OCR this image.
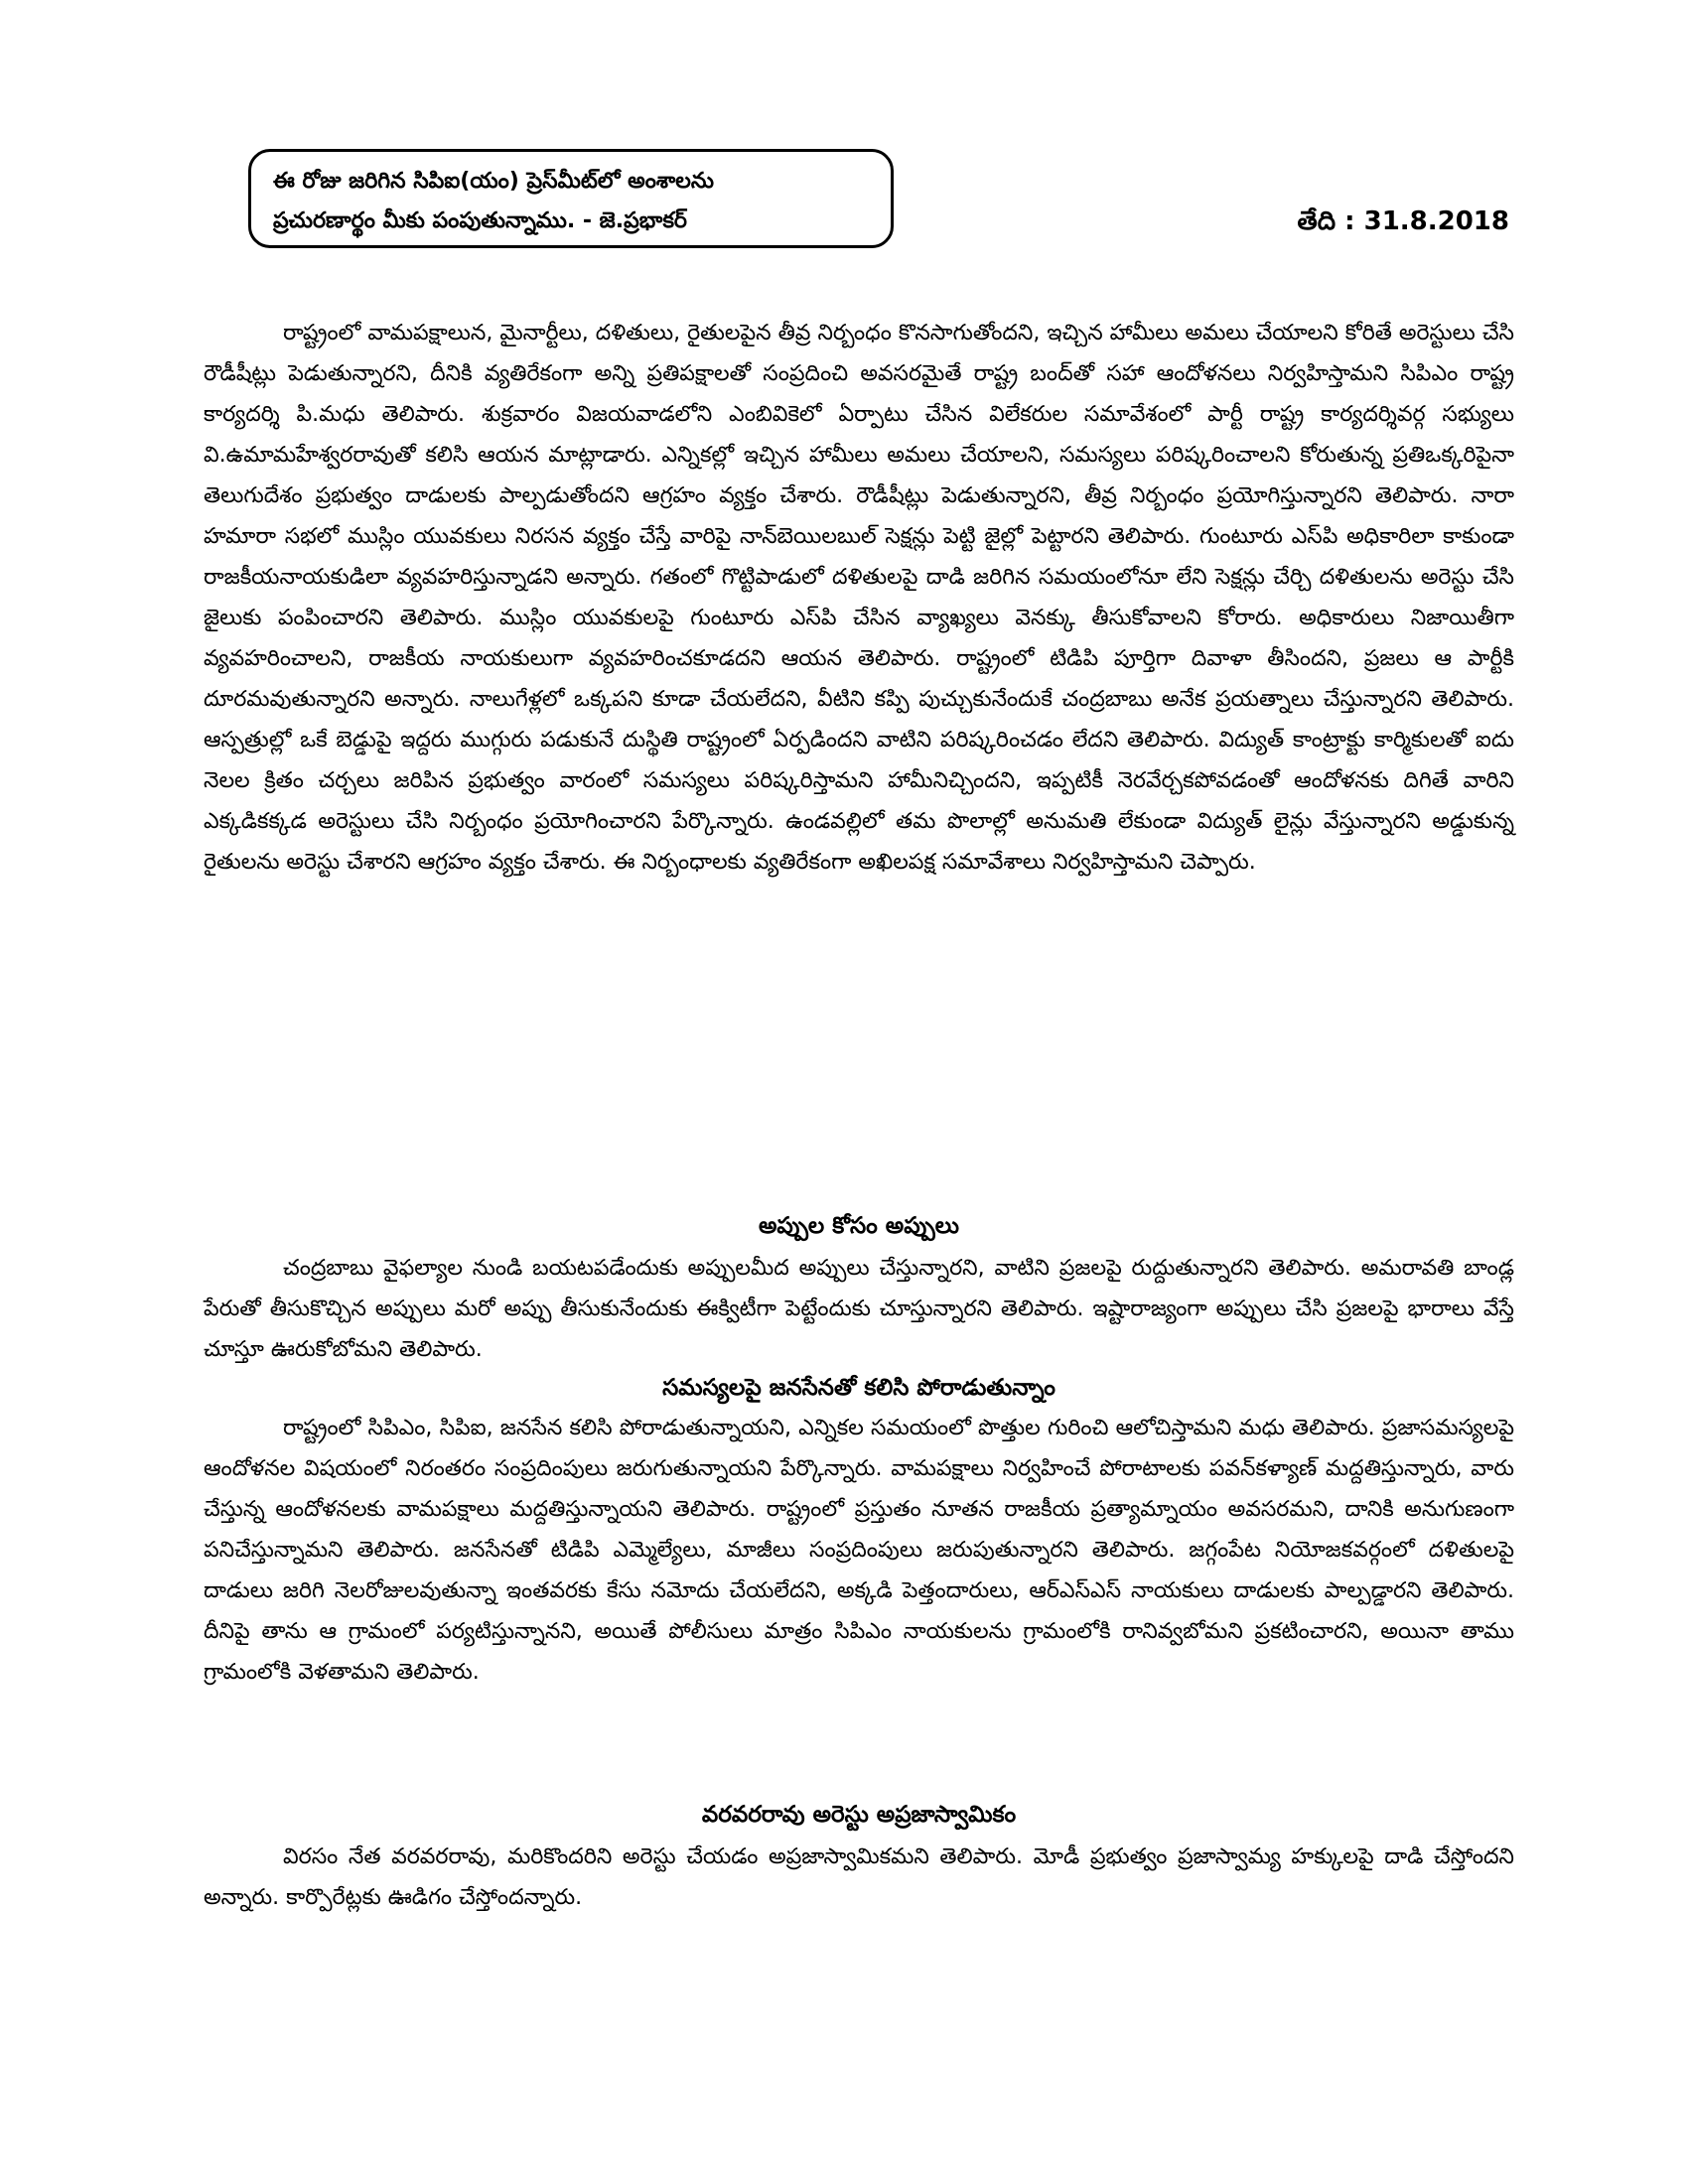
ఈ రోజు జరిగిన సిపిఐ(యం) ప్రెస్‌మీట్‌లో అంశాలను
ప్రచురణార్థం మీకు పంపుతున్నాము. - జె.ప్రభాకర్	తేది : 31.8.2018

రాష్ట్రంలో వామపక్షాలున, మైనార్టీలు, దళితులు, రైతులపైన తీవ్ర నిర్బంధం కొనసాగుతోందని, ఇచ్చిన హామీలు అమలు చేయాలని కోరితే అరెస్టులు చేసి రౌడీషీట్లు పెడుతున్నారని, దీనికి వ్యతిరేకంగా అన్ని ప్రతిపక్షాలతో సంప్రదించి అవసరమైతే రాష్ట్ర బంద్‌తో సహా ఆందోళనలు నిర్వహిస్తామని సిపిఎం రాష్ట్ర కార్యదర్శి పి.మధు తెలిపారు. శుక్రవారం విజయవాడలోని ఎంబివికెలో ఏర్పాటు చేసిన విలేకరుల సమావేశంలో పార్టీ రాష్ట్ర కార్యదర్శివర్గ సభ్యులు వి.ఉమామహేశ్వరరావుతో కలిసి ఆయన మాట్లాడారు. ఎన్నికల్లో ఇచ్చిన హామీలు అమలు చేయాలని, సమస్యలు పరిష్కరించాలని కోరుతున్న ప్రతిఒక్కరిపైనా తెలుగుదేశం ప్రభుత్వం దాడులకు పాల్పడుతోందని ఆగ్రహం వ్యక్తం చేశారు. రౌడీషీట్లు పెడుతున్నారని, తీవ్ర నిర్బంధం ప్రయోగిస్తున్నారని తెలిపారు. నారా హమారా సభలో ముస్లిం యువకులు నిరసన వ్యక్తం చేస్తే వారిపై నాన్‌బెయిలబుల్ సెక్షన్లు పెట్టి జైల్లో పెట్టారని తెలిపారు. గుంటూరు ఎస్‌పి అధికారిలా కాకుండా రాజకీయనాయకుడిలా వ్యవహరిస్తున్నాడని అన్నారు. గతంలో గొట్టిపాడులో దళితులపై దాడి జరిగిన సమయంలోనూ లేని సెక్షన్లు చేర్చి దళితులను అరెస్టు చేసి జైలుకు పంపించారని తెలిపారు. ముస్లిం యువకులపై గుంటూరు ఎస్‌పి చేసిన వ్యాఖ్యలు వెనక్కు తీసుకోవాలని కోరారు. అధికారులు నిజాయితీగా వ్యవహరించాలని, రాజకీయ నాయకులుగా వ్యవహరించకూడదని ఆయన తెలిపారు. రాష్ట్రంలో టిడిపి పూర్తిగా దివాళా తీసిందని, ప్రజలు ఆ పార్టీకి దూరమవుతున్నారని అన్నారు. నాలుగేళ్లలో ఒక్కపని కూడా చేయలేదని, వీటిని కప్పి పుచ్చుకునేందుకే చంద్రబాబు అనేక ప్రయత్నాలు చేస్తున్నారని తెలిపారు. ఆస్పత్రుల్లో ఒకే బెడ్డుపై ఇద్దరు ముగ్గురు పడుకునే దుస్థితి రాష్ట్రంలో ఏర్పడిందని వాటిని పరిష్కరించడం లేదని తెలిపారు. విద్యుత్ కాంట్రాక్టు కార్మికులతో ఐదు నెలల క్రితం చర్చలు జరిపిన ప్రభుత్వం వారంలో సమస్యలు పరిష్కరిస్తామని హామీనిచ్చిందని, ఇప్పటికీ నెరవేర్చకపోవడంతో ఆందోళనకు దిగితే వారిని ఎక్కడికక్కడ అరెస్టులు చేసి నిర్బంధం ప్రయోగించారని పేర్కొన్నారు. ఉండవల్లిలో తమ పొలాల్లో అనుమతి లేకుండా విద్యుత్ లైన్లు వేస్తున్నారని అడ్డుకున్న రైతులను అరెస్టు చేశారని ఆగ్రహం వ్యక్తం చేశారు. ఈ నిర్బంధాలకు వ్యతిరేకంగా అఖిలపక్ష సమావేశాలు నిర్వహిస్తామని చెప్పారు.

అప్పుల కోసం అప్పులు

చంద్రబాబు వైఫల్యాల నుండి బయటపడేందుకు అప్పులమీద అప్పులు చేస్తున్నారని, వాటిని ప్రజలపై రుద్దుతున్నారని తెలిపారు. అమరావతి బాండ్ల పేరుతో తీసుకొచ్చిన అప్పులు మరో అప్పు తీసుకునేందుకు ఈక్విటీగా పెట్టేందుకు చూస్తున్నారని తెలిపారు. ఇష్టారాజ్యంగా అప్పులు చేసి ప్రజలపై భారాలు వేస్తే చూస్తూ ఊరుకోబోమని తెలిపారు.

సమస్యలపై జనసేనతో కలిసి పోరాడుతున్నాం

రాష్ట్రంలో సిపిఎం, సిపిఐ, జనసేన కలిసి పోరాడుతున్నాయని, ఎన్నికల సమయంలో పొత్తుల గురించి ఆలోచిస్తామని మధు తెలిపారు. ప్రజాసమస్యలపై ఆందోళనల విషయంలో నిరంతరం సంప్రదింపులు జరుగుతున్నాయని పేర్కొన్నారు. వామపక్షాలు నిర్వహించే పోరాటాలకు పవన్‌కళ్యాణ్ మద్దతిస్తున్నారు, వారు చేస్తున్న ఆందోళనలకు వామపక్షాలు మద్దతిస్తున్నాయని తెలిపారు. రాష్ట్రంలో ప్రస్తుతం నూతన రాజకీయ ప్రత్యామ్నాయం అవసరమని, దానికి అనుగుణంగా పనిచేస్తున్నామని తెలిపారు. జనసేనతో టిడిపి ఎమ్మెల్యేలు, మాజీలు సంప్రదింపులు జరుపుతున్నారని తెలిపారు. జగ్గంపేట నియోజకవర్గంలో దళితులపై దాడులు జరిగి నెలరోజులవుతున్నా ఇంతవరకు కేసు నమోదు చేయలేదని, అక్కడి పెత్తందారులు, ఆర్‌ఎస్‌ఎస్ నాయకులు దాడులకు పాల్పడ్డారని తెలిపారు. దీనిపై తాను ఆ గ్రామంలో పర్యటిస్తున్నానని, అయితే పోలీసులు మాత్రం సిపిఎం నాయకులను గ్రామంలోకి రానివ్వబోమని ప్రకటించారని, అయినా తాము గ్రామంలోకి వెళతామని తెలిపారు.

వరవరరావు అరెస్టు అప్రజాస్వామికం

విరసం నేత వరవరరావు, మరికొందరిని అరెస్టు చేయడం అప్రజాస్వామికమని తెలిపారు. మోడీ ప్రభుత్వం ప్రజాస్వామ్య హక్కులపై దాడి చేస్తోందని అన్నారు. కార్పొరేట్లకు ఊడిగం చేస్తోందన్నారు.
